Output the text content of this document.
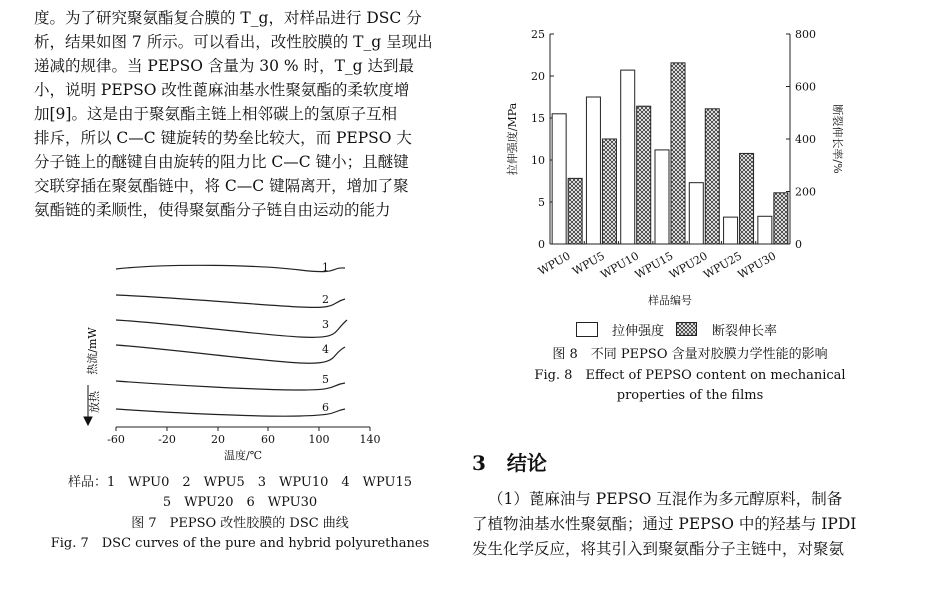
度。为了研究聚氨酯复合膜的 T_g，对样品进行 DSC 分
析，结果如图 7 所示。可以看出，改性胶膜的 T_g 呈现出
递减的规律。当 PEPSO 含量为 30 % 时，T_g 达到最
小，说明 PEPSO 改性蓖麻油基水性聚氨酯的柔软度增
加[9]。这是由于聚氨酯主链上相邻碳上的氢原子互相
排斥，所以 C—C 键旋转的势垒比较大，而 PEPSO 大
分子链上的醚键自由旋转的阻力比 C—C 键小；且醚键
交联穿插在聚氨酯链中，将 C—C 键隔离开，增加了聚
氨酯链的柔顺性，使得聚氨酯分子链自由运动的能力
-60	-20	20	60	100	140
温度/℃
1
2
3
4
5
6
热流/mW
放热
样品：1　WPU0　2　WPU5　3　WPU10　4　WPU15
5　WPU20　6　WPU30
图 7　PEPSO 改性胶膜的 DSC 曲线
Fig. 7　DSC curves of the pure and hybrid polyurethanes
0
5
10
15
20
25
0
200
400
600
800
WPU0
WPU5
WPU10
WPU15
WPU20
WPU25
WPU30
拉伸强度/MPa	断裂伸长率/%
样品编号
拉伸强度	断裂伸长率
图 8　不同 PEPSO 含量对胶膜力学性能的影响
Fig. 8　Effect of PEPSO content on mechanical
properties of the films
3 结论
（1）蓖麻油与 PEPSO 互混作为多元醇原料，制备
了植物油基水性聚氨酯；通过 PEPSO 中的羟基与 IPDI
发生化学反应，将其引入到聚氨酯分子主链中，对聚氨
